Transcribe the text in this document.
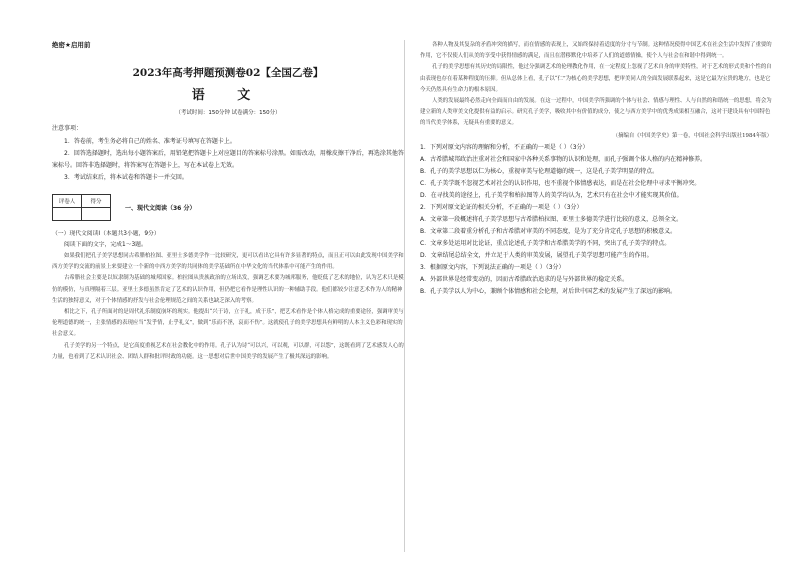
绝密★启用前
2023年高考押题预测卷02【全国乙卷】
语 文
（考试时间：150分钟 试卷满分：150分）
注意事项：
1．答卷前，考生务必将自己的姓名、准考证号填写在答题卡上。
2．回答选择题时，选出每小题答案后，用铅笔把答题卡上对应题目的答案标号涂黑。如需改动，用橡皮擦干净后，再选涂其他答案标号。回答非选择题时，将答案写在答题卡上，写在本试卷上无效。
3．考试结束后，将本试卷和答题卡一并交回。
评卷人	得分

一、现代文阅读（36 分）
（一）现代文阅读Ⅰ（本题共3小题，9分）
阅读下面的文字，完成1～3题。
如果我们把孔子美学思想同古希腊柏拉图、亚里士多德美学作一比较研究，更可以看出它具有许多显著的特点，而且正可以由此发现中国美学和西方美学的交流的前景上来要建立一个新的中西方美学的共同体的美学基础所在中华文化的当代体系中可能产生的作用。
古希腊社会主要是以奴隶制为基础的城邦国家。柏拉图从贵族政治的立场出发，强调艺术要为城邦服务，他贬低了艺术的地位，认为艺术只是模仿的模仿，与真理隔着三层。亚里士多德虽然肯定了艺术的认识作用，但仍把它看作是理性认识的一种辅助手段。他们都较少注意艺术作为人的精神生活的独特意义，对于个体情感的抒发与社会伦理规范之间的关系也缺乏深入的考察。
相比之下，孔子所面对的是周代礼乐制度崩坏的现实。他提出“兴于诗，立于礼，成于乐”，把艺术看作是个体人格完成的重要途径，强调审美与伦理道德的统一，主张情感的表现应当“发乎情，止乎礼义”，做到“乐而不淫，哀而不伤”。这就使孔子的美学思想具有鲜明的人本主义色彩和现实的社会意义。
孔子美学的另一个特点，是它高度重视艺术在社会教化中的作用。孔子认为诗“可以兴，可以观，可以群，可以怨”，这既看到了艺术感发人心的力量，也看到了艺术认识社会、团结人群和批评时政的功能。这一思想对后世中国美学的发展产生了极其深远的影响。
各种人物及其复杂的矛盾冲突的描写，而在情感的表现上，又始终保持着适度的分寸与节制。这种情况使得中国艺术在社会生活中发挥了重要的作用，它不仅使人们从美的享受中获得情感的满足，而且在潜移默化中培养了人们的道德情操，使个人与社会在和谐中得到统一。
孔子的美学思想有其历史的局限性，他过分强调艺术的伦理教化作用，在一定程度上忽视了艺术自身的审美特性，对于艺术的形式美和个性的自由表现也存在着某种程度的压抑。但从总体上看，孔子以“仁”为核心的美学思想，把审美同人的全面发展联系起来，这是它最为宝贵的地方，也是它今天仍然具有生命力的根本原因。
人类的发展最终必然走向全面而自由的发展。在这一过程中，中国美学所强调的个体与社会、情感与理性、人与自然的和谐统一的思想，将会为建立新的人类审美文化提供有益的启示。研究孔子美学，吸收其中有价值的成分，使之与西方美学中的优秀成果相互融合，这对于建设具有中国特色的当代美学体系，无疑具有重要的意义。
（摘编自《中国美学史》第一卷，中国社会科学出版社1984年版）
1．下列对原文内容的理解和分析，不正确的一项是（ ）（3分）
A．古希腊城邦政治注重对社会和国家中各种关系事物的认识和处理，而孔子强调个体人格的内在精神修养。
B．孔子的美学思想以仁为核心，重视审美与伦理道德的统一，这是孔子美学明显的特点。
C．孔子美学既不忽视艺术对社会的认识作用，也不重视个体情感表达，而是在社会伦理中寻求平衡冲突。
D．在寻找美的途径上，孔子美学和柏拉图等人的美学均认为，艺术只有在社会中才能实现其价值。
2．下列对原文论证的相关分析，不正确的一项是（ ）（3分）
A．文章第一段概述将孔子美学思想与古希腊柏拉图、亚里士多德美学进行比较的意义，总领全文。
B．文章第二段着重分析孔子和古希腊对审美的不同态度，是为了充分肯定孔子思想的积极意义。
C．文章多处运用对比论证，重点论述孔子美学和古希腊美学的不同，突出了孔子美学的特点。
D．文章结尾总结全文，并立足于人类的审美发展，展望孔子美学思想可能产生的作用。
3．根据原文内容，下列说法正确的一项是（ ）（3分）
A．外部世界是经常变动的，因而古希腊政治追求的是与外部世界的稳定关系。
B．孔子美学以人为中心，兼顾个体情感和社会伦理，对后世中国艺术的发展产生了深远的影响。
